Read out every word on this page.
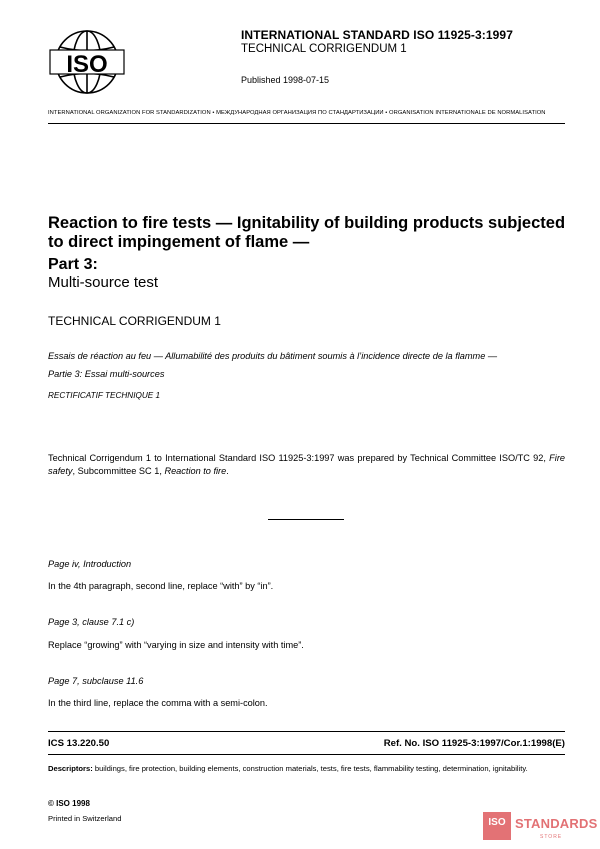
ISO
INTERNATIONAL STANDARD ISO 11925-3:1997
TECHNICAL CORRIGENDUM 1
Published 1998-07-15
INTERNATIONAL ORGANIZATION FOR STANDARDIZATION • МЕЖДУНАРОДНАЯ ОРГАНИЗАЦИЯ ПО СТАНДАРТИЗАЦИИ • ORGANISATION INTERNATIONALE DE NORMALISATION
Reaction to fire tests — Ignitability of building products subjected to direct impingement of flame —
Part 3:
Multi-source test
TECHNICAL CORRIGENDUM 1
Essais de réaction au feu — Allumabilité des produits du bâtiment soumis à l’incidence directe de la flamme —
Partie 3: Essai multi-sources
RECTIFICATIF TECHNIQUE 1
Technical Corrigendum 1 to International Standard ISO 11925-3:1997 was prepared by Technical Committee ISO/TC 92, Fire safety, Subcommittee SC 1, Reaction to fire.
Page iv, Introduction
In the 4th paragraph, second line, replace “with” by “in”.
Page 3, clause 7.1 c)
Replace “growing” with “varying in size and intensity with time”.
Page 7, subclause 11.6
In the third line, replace the comma with a semi-colon.
ICS 13.220.50	Ref. No. ISO 11925-3:1997/Cor.1:1998(E)
Descriptors: buildings, fire protection, building elements, construction materials, tests, fire tests, flammability testing, determination, ignitability.
© ISO 1998
Printed in Switzerland	ISO STANDARDS
STORE
